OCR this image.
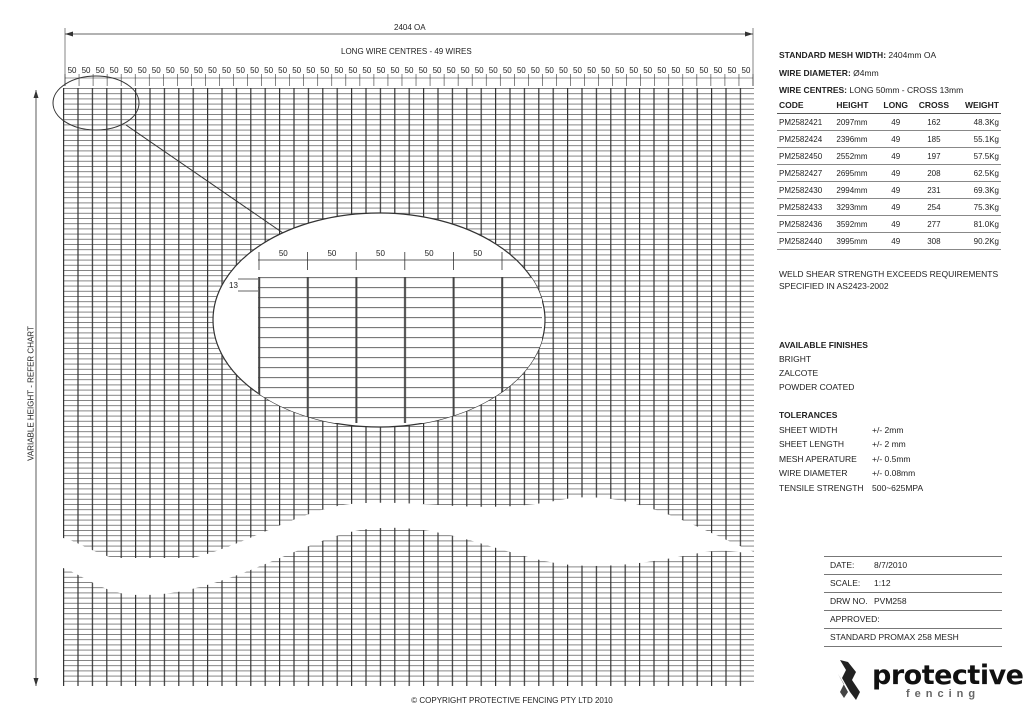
2404 OA
LONG WIRE CENTRES - 49 WIRES
50 50 50 50 50 50 50 50 50 50 50 50 50 50 50 50 50 50 50 50 50 50 50 50 50 50 50 50 50 50 50 50 50 50 50 50 50 50 50 50 50 50 50 50 50 50 50 50 50
VARIABLE HEIGHT - REFER CHART
50	50	50	50	50
13
STANDARD MESH WIDTH: 2404mm OA
WIRE DIAMETER: Ø4mm
WIRE CENTRES: LONG 50mm - CROSS 13mm
CODE	HEIGHT	LONG	CROSS	WEIGHT
PM2582421	2097mm	49	162	48.3Kg
PM2582424	2396mm	49	185	55.1Kg
PM2582450	2552mm	49	197	57.5Kg
PM2582427	2695mm	49	208	62.5Kg
PM2582430	2994mm	49	231	69.3Kg
PM2582433	3293mm	49	254	75.3Kg
PM2582436	3592mm	49	277	81.0Kg
PM2582440	3995mm	49	308	90.2Kg
WELD SHEAR STRENGTH EXCEEDS REQUIREMENTS SPECIFIED IN AS2423-2002
AVAILABLE FINISHES
BRIGHT
ZALCOTE
POWDER COATED
TOLERANCES
SHEET WIDTH	+/- 2mm
SHEET LENGTH	+/- 2 mm
MESH APERATURE +/- 0.5mm
WIRE DIAMETER	+/- 0.08mm
TENSILE STRENGTH 500~625MPA
DATE: 8/7/2010
SCALE: 1:12
DRW NO. PVM258
APPROVED:
STANDARD PROMAX 258 MESH
protective
fencing
© COPYRIGHT PROTECTIVE FENCING PTY LTD 2010
